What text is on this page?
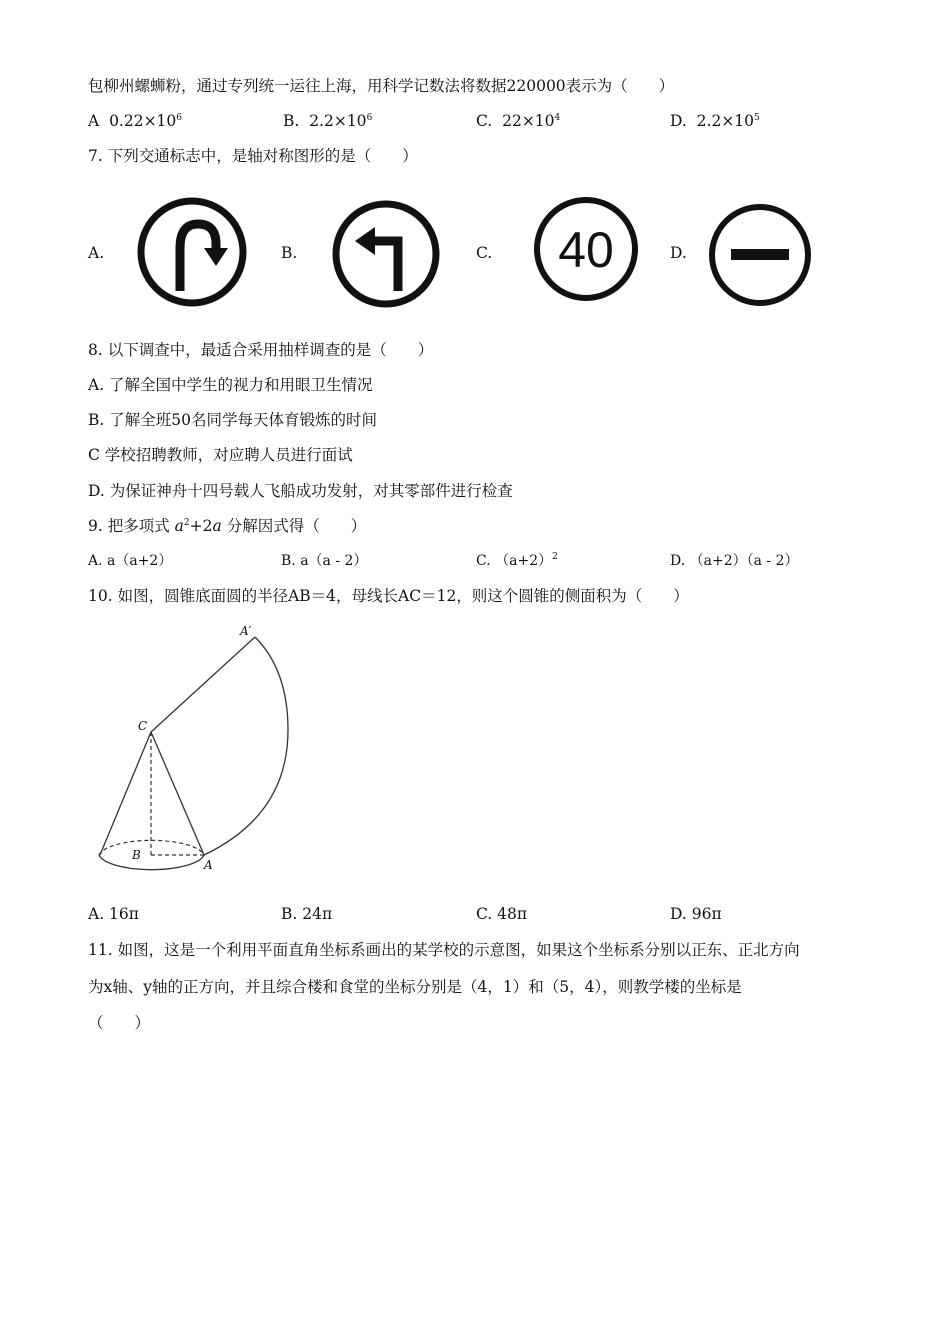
包柳州螺蛳粉，通过专列统一运往上海，用科学记数法将数据220000表示为（　　）
A $0.22\times 10^6$	B. $2.2\times 10^6$	C. $22\times 10^4$	D. $2.2\times 10^5$
7. 下列交通标志中，是轴对称图形的是（　　）
A.	B.	C. 40	D.
8. 以下调查中，最适合采用抽样调查的是（　　）
A. 了解全国中学生的视力和用眼卫生情况
B. 了解全班50名同学每天体育锻炼的时间
C 学校招聘教师，对应聘人员进行面试
D. 为保证神舟十四号载人飞船成功发射，对其零部件进行检查
9. 把多项式 $a^2+2a$ 分解因式得（　　）
A. a（a+2）	B. a（a - 2）	C. $(a+2)^2$	D. （a+2）（a - 2）
10. 如图，圆锥底面圆的半径AB＝4，母线长AC＝12，则这个圆锥的侧面积为（　　）
A′
C
B
A
A. 16π	B. 24π	C. 48π	D. 96π
11. 如图，这是一个利用平面直角坐标系画出的某学校的示意图，如果这个坐标系分别以正东、正北方向
为x轴、y轴的正方向，并且综合楼和食堂的坐标分别是（4，1）和（5，4），则教学楼的坐标是
（　　）
